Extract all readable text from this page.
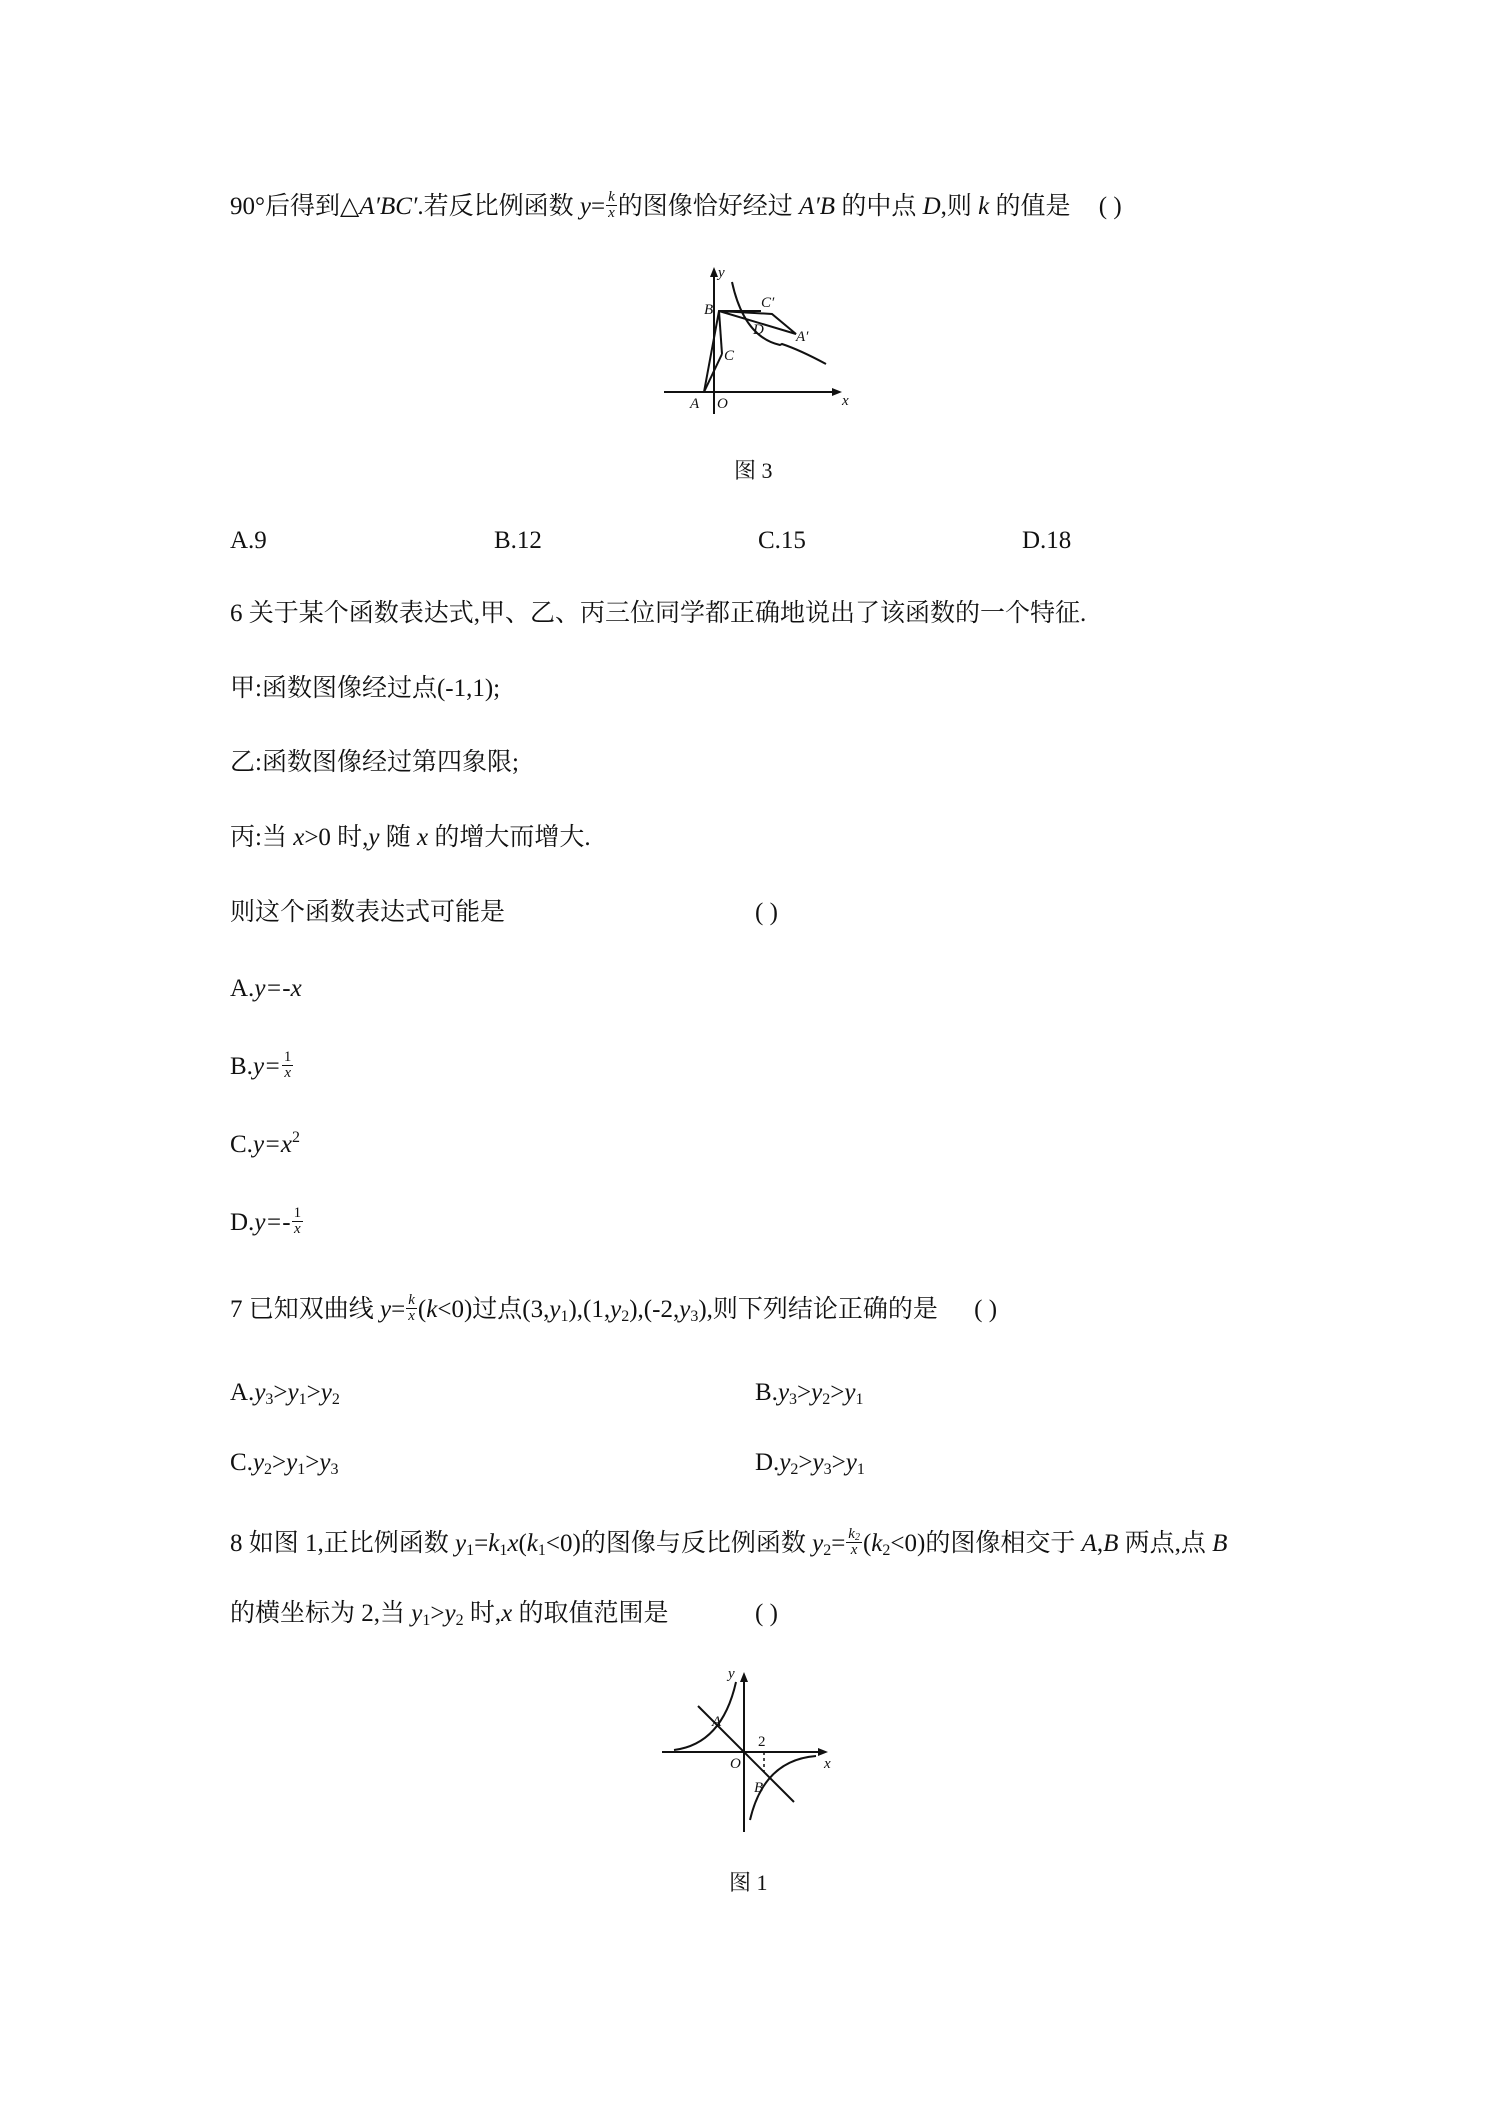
90°后得到△A′BC′.若反比例函数 $y= \frac{k}{x}$ 的图像恰好经过 A′B 的中点 D,则 k 的值是 ( )
y
x
B	C′
D A′
C
A O
图 3
A.9	B.12	C.15	D.18
6 关于某个函数表达式,甲、乙、丙三位同学都正确地说出了该函数的一个特征.
甲:函数图像经过点(-1,1);
乙:函数图像经过第四象限;
丙:当 x>0 时,y 随 x 的增大而增大.
则这个函数表达式可能是	( )
A.y=-x
$B.y= \frac{1}{x}$
$C.y=x^2$
$D.y=- \frac{1}{x}$
7 已知双曲线 $y= \frac{k}{x} (k<0)$过点$(3,y_1),(1,y_2),(-2,y_3)$,则下列结论正确的是 ( )
$A.y_3>y_1>y_2$	$B.y_3>y_2>y_1$
$C.y_2>y_1>y_3$	$D.y_2>y_3>y_1$
8 如图 1,正比例函数 $y_1=k_1x(k_1<0)$的图像与反比例函数 $y_2= \frac{k_2}{x} (k_2<0)$的图像相交于 A,B 两点,点 B
的横坐标为 2,当 $y_1>y_2$ 时,x 的取值范围是	( )
y
A
2
O	x
B
图 1
